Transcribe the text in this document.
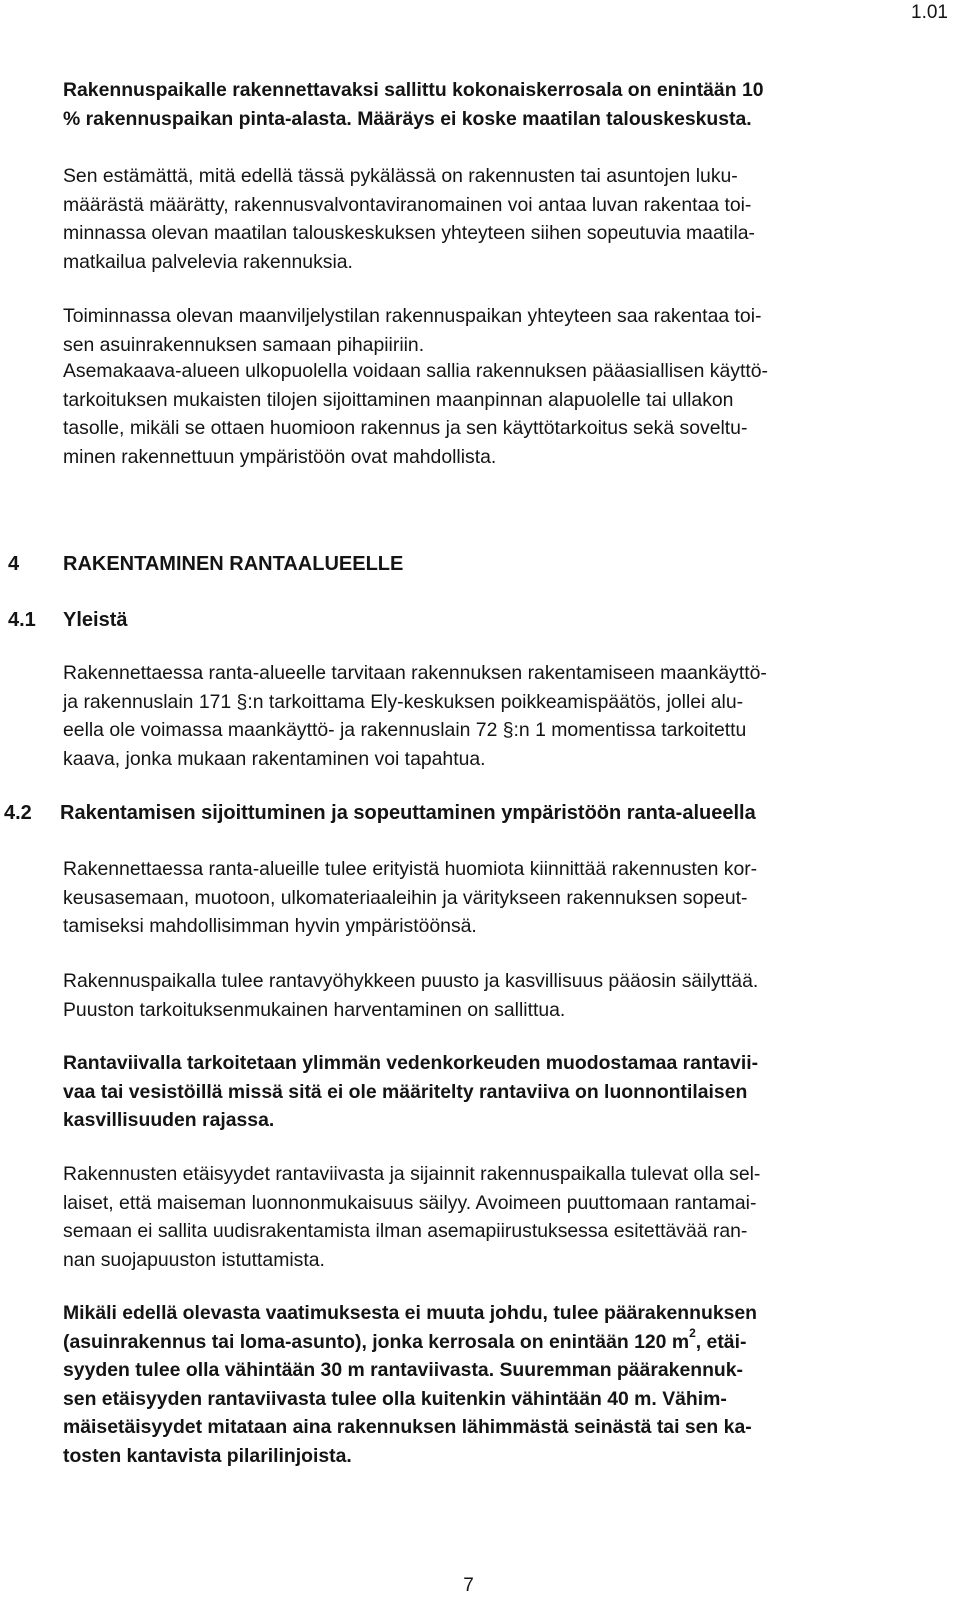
1.01
Rakennuspaikalle rakennettavaksi sallittu kokonaiskerrosala on enintään 10
% rakennuspaikan pinta-alasta. Määräys ei koske maatilan talouskeskusta.
Sen estämättä, mitä edellä tässä pykälässä on rakennusten tai asuntojen luku-
määrästä määrätty, rakennusvalvontaviranomainen voi antaa luvan rakentaa toi-
minnassa olevan maatilan talouskeskuksen yhteyteen siihen sopeutuvia maatila-
matkailua palvelevia rakennuksia.
Toiminnassa olevan maanviljelystilan rakennuspaikan yhteyteen saa rakentaa toi-
sen asuinrakennuksen samaan pihapiiriin.
Asemakaava-alueen ulkopuolella voidaan sallia rakennuksen pääasiallisen käyttö-
tarkoituksen mukaisten tilojen sijoittaminen maanpinnan alapuolelle tai ullakon
tasolle, mikäli se ottaen huomioon rakennus ja sen käyttötarkoitus sekä soveltu-
minen rakennettuun ympäristöön ovat mahdollista.
4 RAKENTAMINEN RANTAALUEELLE
4.1 Yleistä
Rakennettaessa ranta-alueelle tarvitaan rakennuksen rakentamiseen maankäyttö-
ja rakennuslain 171 §:n tarkoittama Ely-keskuksen poikkeamispäätös, jollei alu-
eella ole voimassa maankäyttö- ja rakennuslain 72 §:n 1 momentissa tarkoitettu
kaava, jonka mukaan rakentaminen voi tapahtua.
4.2 Rakentamisen sijoittuminen ja sopeuttaminen ympäristöön ranta-alueella
Rakennettaessa ranta-alueille tulee erityistä huomiota kiinnittää rakennusten kor-
keusasemaan, muotoon, ulkomateriaaleihin ja väritykseen rakennuksen sopeut-
tamiseksi mahdollisimman hyvin ympäristöönsä.
Rakennuspaikalla tulee rantavyöhykkeen puusto ja kasvillisuus pääosin säilyttää.
Puuston tarkoituksenmukainen harventaminen on sallittua.
Rantaviivalla tarkoitetaan ylimmän vedenkorkeuden muodostamaa rantavii-
vaa tai vesistöillä missä sitä ei ole määritelty rantaviiva on luonnontilaisen
kasvillisuuden rajassa.
Rakennusten etäisyydet rantaviivasta ja sijainnit rakennuspaikalla tulevat olla sel-
laiset, että maiseman luonnonmukaisuus säilyy. Avoimeen puuttomaan rantamai-
semaan ei sallita uudisrakentamista ilman asemapiirustuksessa esitettävää ran-
nan suojapuuston istuttamista.
Mikäli edellä olevasta vaatimuksesta ei muuta johdu, tulee päärakennuksen
(asuinrakennus tai loma-asunto), jonka kerrosala on enintään 120 $m^2$, etäi-
syyden tulee olla vähintään 30 m rantaviivasta. Suuremman päärakennuk-
sen etäisyyden rantaviivasta tulee olla kuitenkin vähintään 40 m. Vähim-
mäisetäisyydet mitataan aina rakennuksen lähimmästä seinästä tai sen ka-
tosten kantavista pilarilinjoista.
7
